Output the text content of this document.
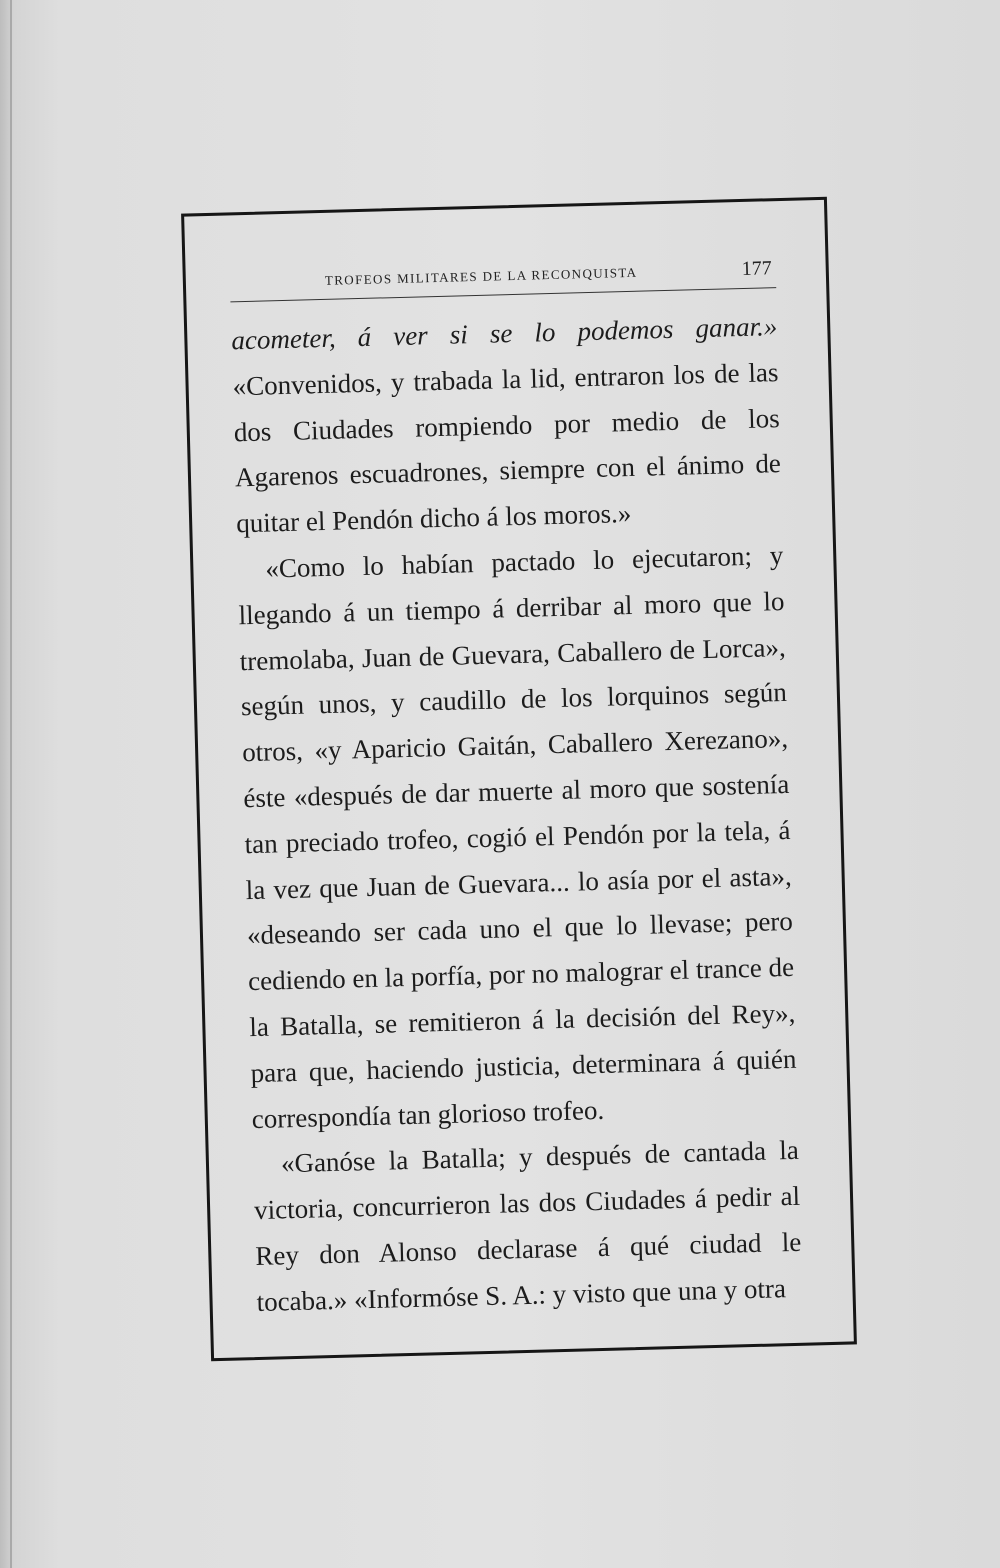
TROFEOS MILITARES DE LA RECONQUISTA	177

acometer, á ver si se lo podemos ganar.» «Convenidos, y trabada la lid, entraron los de las dos Ciudades rompiendo por medio de los Agarenos escuadrones, siempre con el ánimo de quitar el Pendón dicho á los moros.»

«Como lo habían pactado lo ejecutaron; y llegando á un tiempo á derribar al moro que lo tremolaba, Juan de Guevara, Caballero de Lorca», según unos, y caudillo de los lorquinos según otros, «y Aparicio Gaitán, Caballero Xerezano», éste «después de dar muerte al moro que sostenía tan preciado trofeo, cogió el Pendón por la tela, á la vez que Juan de Guevara... lo asía por el asta», «deseando ser cada uno el que lo llevase; pero cediendo en la porfía, por no malograr el trance de la Batalla, se remitieron á la decisión del Rey», para que, haciendo justicia, determinara á quién correspondía tan glorioso trofeo.

«Ganóse la Batalla; y después de cantada la victoria, concurrieron las dos Ciudades á pedir al Rey don Alonso declarase á qué ciudad le tocaba.» «Informóse S. A.: y visto que una y otra
